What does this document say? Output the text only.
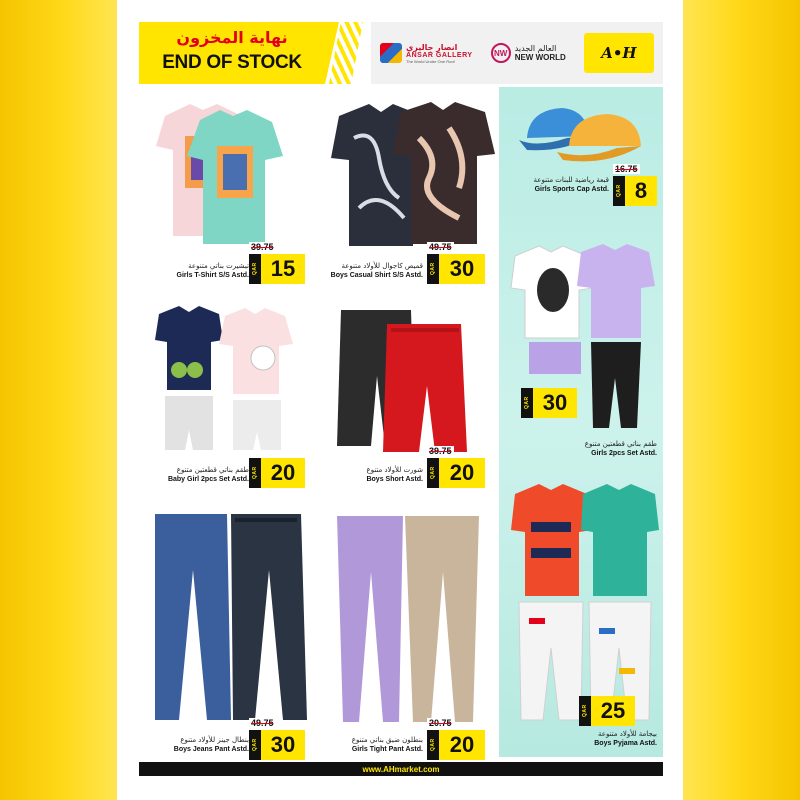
نهاية المخزون
END OF STOCK
انصار جاليري
ANSAR GALLERY
The World Under One Roof
NW العالم الجديد
NEW WORLD	A•H
39.75
QAR 15
تيشيرت بناتي متنوعة
Girls T-Shirt S/S Astd.
49.75
QAR 30
قميص كاجوال للأولاد متنوعة
Boys Casual Shirt S/S Astd.
16.75
QAR 8
قبعة رياضية للبنات متنوعة
Girls Sports Cap Astd.
QAR 20
طقم بناتي قطعتين متنوع
Baby Girl 2pcs Set Astd.
39.75
QAR 20
شورت للأولاد متنوع
Boys Short Astd.
QAR 30
طقم بناتي قطعتين متنوع
Girls 2pcs Set Astd.
49.75
QAR 30
بنطال جينز للأولاد متنوع
Boys Jeans Pant Astd.
20.75
QAR 20
بنطلون ضيق بناتي متنوع
Girls Tight Pant Astd.
QAR 25
بيجامة للأولاد متنوعة
Boys Pyjama Astd.
www.AHmarket.com
